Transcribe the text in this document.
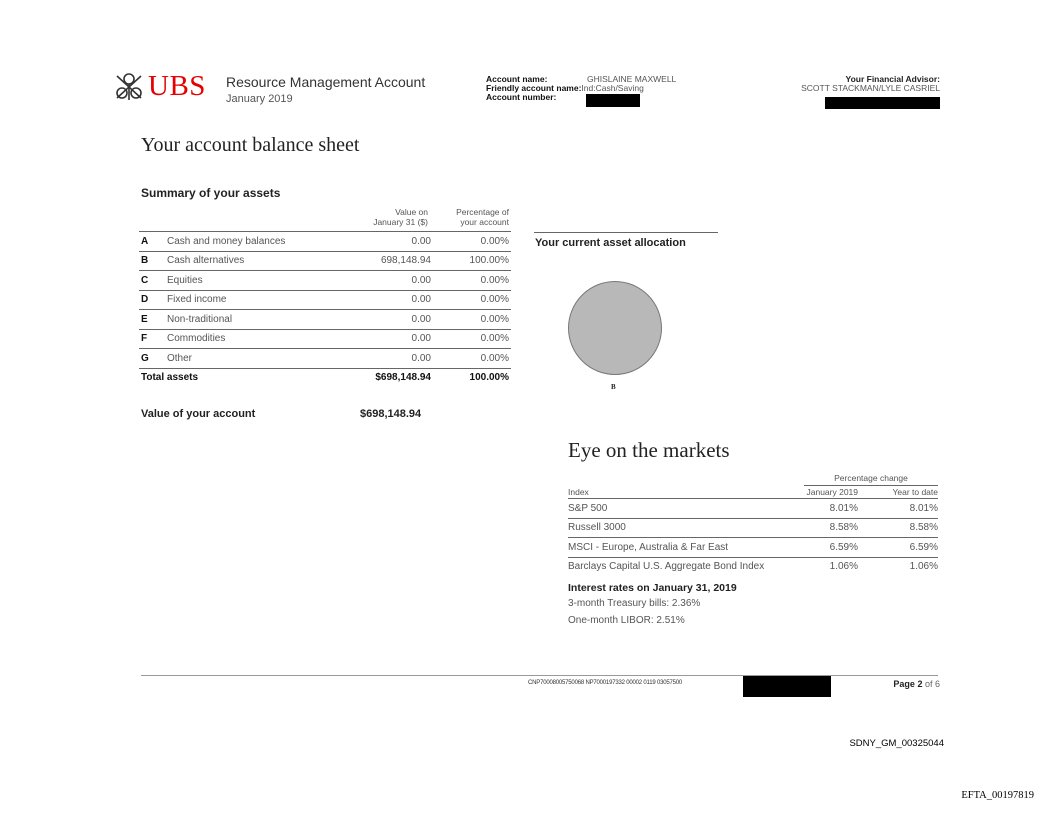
UBS Resource Management Account
January 2019
Account name:	GHISLAINE MAXWELL
Friendly account name:Ind:Cash/Saving
Account number:
Your Financial Advisor:
SCOTT STACKMAN/LYLE CASRIEL
Your account balance sheet
Summary of your assets
Value on
January 31 ($)
Percentage of
your account
A	Cash and money balances	0.00	0.00%
B	Cash alternatives	698,148.94	100.00%
C	Equities	0.00	0.00%
D	Fixed income	0.00	0.00%
E	Non-traditional	0.00	0.00%
F	Commodities	0.00	0.00%
G	Other	0.00	0.00%
Total assets		$698,148.94	100.00%
Value of your account	$698,148.94
Your current asset allocation
B
Eye on the markets
Percentage change
Index	January 2019	Year to date
S&P 500	8.01%	8.01%
Russell 3000	8.58%	8.58%
MSCI - Europe, Australia & Far East	6.59%	6.59%
Barclays Capital U.S. Aggregate Bond Index	1.06%	1.06%
Interest rates on January 31, 2019
3-month Treasury bills: 2.36%
One-month LIBOR: 2.51%
CNP70008005750068 NP7000197332 00002 0119 03057500	Page 2 of 6
SDNY_GM_00325044
EFTA_00197819
